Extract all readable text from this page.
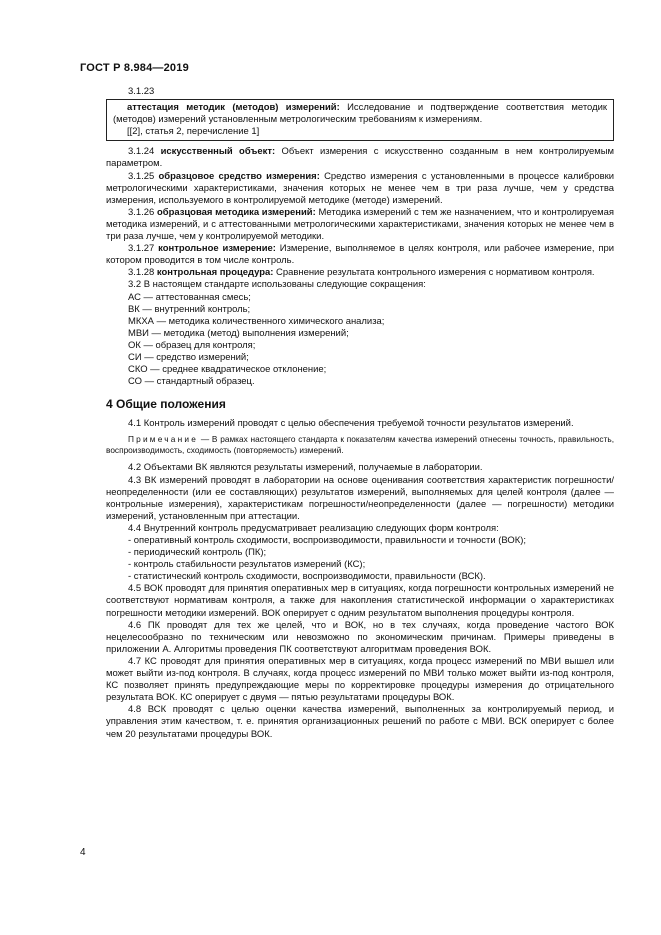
ГОСТ Р 8.984—2019

3.1.23

аттестация методик (методов) измерений: Исследование и подтверждение соответствия методик (методов) измерений установленным метрологическим требованиям к измерениям.

[[2], статья 2, перечисление 1]

3.1.24 искусственный объект: Объект измерения с искусственно созданным в нем контролируемым параметром.

3.1.25 образцовое средство измерения: Средство измерения с установленными в процессе калибровки метрологическими характеристиками, значения которых не менее чем в три раза лучше, чем у средства измерения, используемого в контролируемой методике (методе) измерений.

3.1.26 образцовая методика измерений: Методика измерений с тем же назначением, что и контролируемая методика измерений, и с аттестованными метрологическими характеристиками, значения которых не менее чем в три раза лучше, чем у контролируемой методики.

3.1.27 контрольное измерение: Измерение, выполняемое в целях контроля, или рабочее измерение, при котором проводится в том числе контроль.

3.1.28 контрольная процедура: Сравнение результата контрольного измерения с нормативом контроля.

3.2 В настоящем стандарте использованы следующие сокращения:

АС — аттестованная смесь;

ВК — внутренний контроль;

МКХА — методика количественного химического анализа;

МВИ — методика (метод) выполнения измерений;

ОК — образец для контроля;

СИ — средство измерений;

СКО — среднее квадратическое отклонение;

СО — стандартный образец.

4 Общие положения

4.1 Контроль измерений проводят с целью обеспечения требуемой точности результатов измерений.

Примечание — В рамках настоящего стандарта к показателям качества измерений отнесены точность, правильность, воспроизводимость, сходимость (повторяемость) измерений.

4.2 Объектами ВК являются результаты измерений, получаемые в лаборатории.

4.3 ВК измерений проводят в лаборатории на основе оценивания соответствия характеристик погрешности/неопределенности (или ее составляющих) результатов измерений, выполняемых для целей контроля (далее — контрольные измерения), характеристикам погрешности/неопределенности (далее — погрешности) методики измерений, установленным при аттестации.

4.4 Внутренний контроль предусматривает реализацию следующих форм контроля:

- оперативный контроль сходимости, воспроизводимости, правильности и точности (ВОК);

- периодический контроль (ПК);

- контроль стабильности результатов измерений (КС);

- статистический контроль сходимости, воспроизводимости, правильности (ВСК).

4.5 ВОК проводят для принятия оперативных мер в ситуациях, когда погрешности контрольных измерений не соответствуют нормативам контроля, а также для накопления статистической информации о характеристиках погрешности методики измерений. ВОК оперирует с одним результатом выполнения процедуры контроля.

4.6 ПК проводят для тех же целей, что и ВОК, но в тех случаях, когда проведение частого ВОК нецелесообразно по техническим или невозможно по экономическим причинам. Примеры приведены в приложении А. Алгоритмы проведения ПК соответствуют алгоритмам проведения ВОК.

4.7 КС проводят для принятия оперативных мер в ситуациях, когда процесс измерений по МВИ вышел или может выйти из-под контроля. В случаях, когда процесс измерений по МВИ только может выйти из-под контроля, КС позволяет принять предупреждающие меры по корректировке процедуры измерения до отрицательного результата ВОК. КС оперирует с двумя — пятью результатами процедуры ВОК.

4.8 ВСК проводят с целью оценки качества измерений, выполненных за контролируемый период, и управления этим качеством, т. е. принятия организационных решений по работе с МВИ. ВСК оперирует с более чем 20 результатами процедуры ВОК.

4
